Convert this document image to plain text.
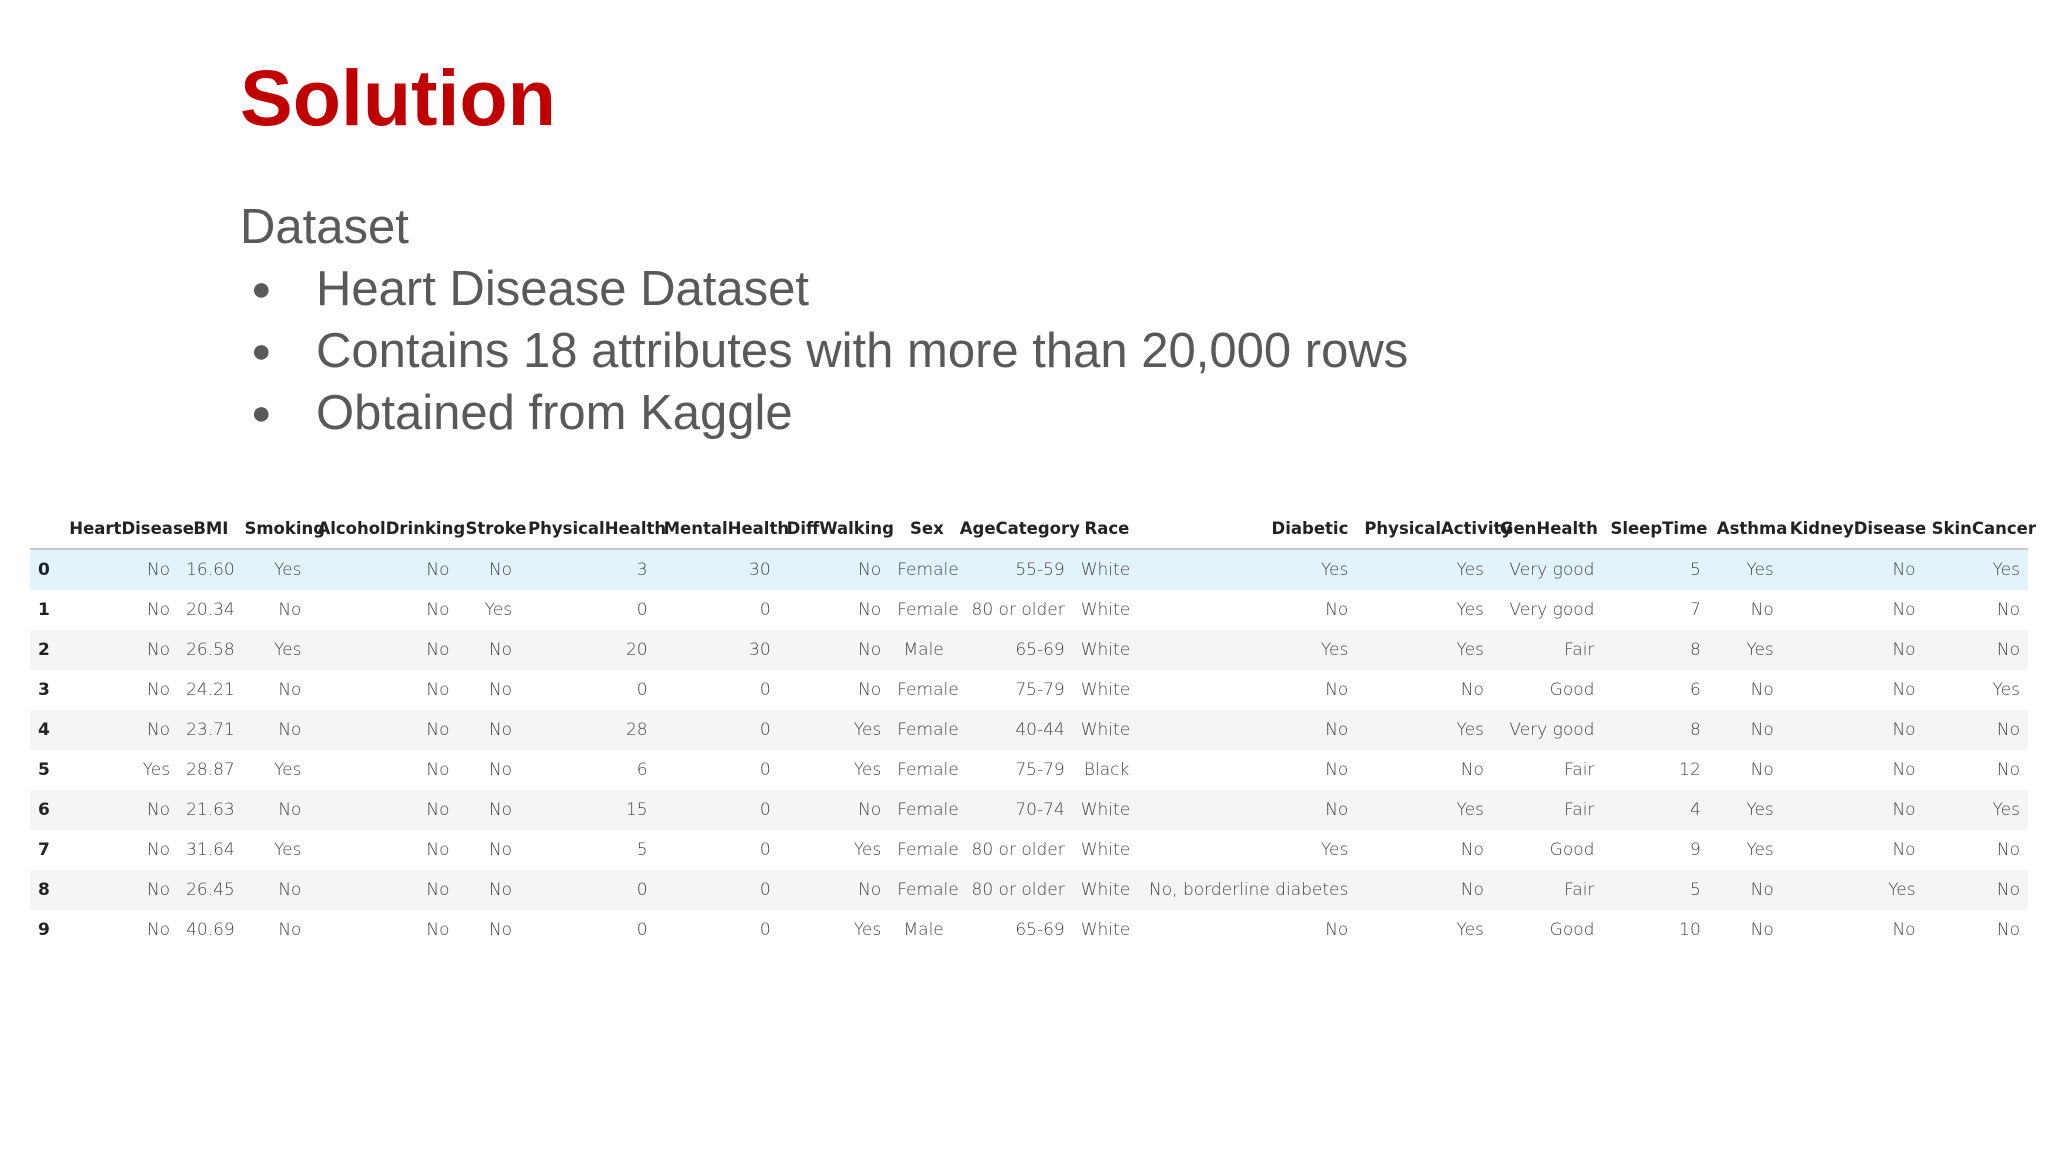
Solution

Dataset

● Heart Disease Dataset
● Contains 18 attributes with more than 20,000 rows
● Obtained from Kaggle
	HeartDisease	BMI	Smoking	AlcoholDrinking	Stroke	PhysicalHealth	MentalHealth	DiffWalking	Sex	AgeCategory	Race	Diabetic	PhysicalActivity	GenHealth	SleepTime	Asthma	KidneyDisease	SkinCancer
0	No	16.60	Yes	No	No	3	30	No	Female	55-59	White	Yes	Yes	Very good	5	Yes	No	Yes
1	No	20.34	No	No	Yes	0	0	No	Female	80 or older	White	No	Yes	Very good	7	No	No	No
2	No	26.58	Yes	No	No	20	30	No	Male	65-69	White	Yes	Yes	Fair	8	Yes	No	No
3	No	24.21	No	No	No	0	0	No	Female	75-79	White	No	No	Good	6	No	No	Yes
4	No	23.71	No	No	No	28	0	Yes	Female	40-44	White	No	Yes	Very good	8	No	No	No
5	Yes	28.87	Yes	No	No	6	0	Yes	Female	75-79	Black	No	No	Fair	12	No	No	No
6	No	21.63	No	No	No	15	0	No	Female	70-74	White	No	Yes	Fair	4	Yes	No	Yes
7	No	31.64	Yes	No	No	5	0	Yes	Female	80 or older	White	Yes	No	Good	9	Yes	No	No
8	No	26.45	No	No	No	0	0	No	Female	80 or older	White	No, borderline diabetes	No	Fair	5	No	Yes	No
9	No	40.69	No	No	No	0	0	Yes	Male	65-69	White	No	Yes	Good	10	No	No	No
